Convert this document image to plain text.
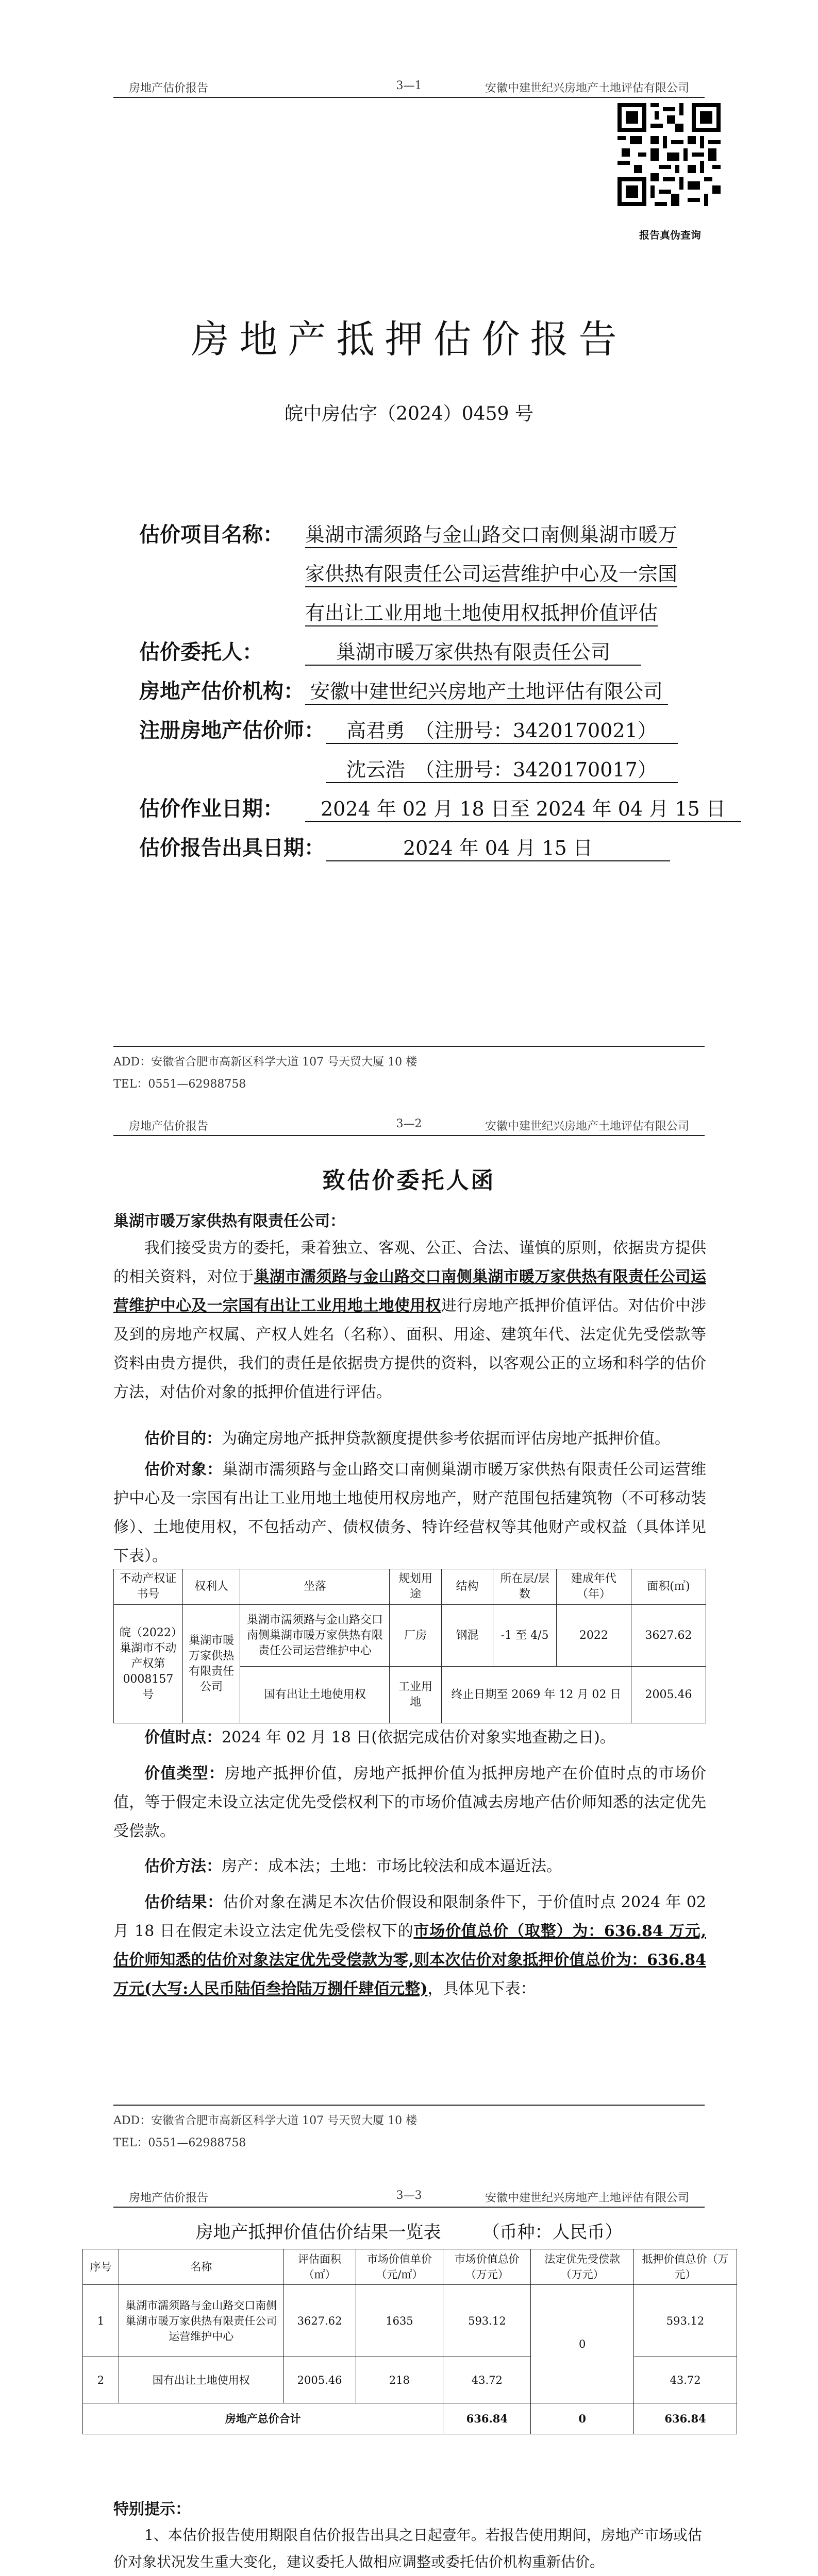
房地产估价报告	3—1	安徽中建世纪兴房地产土地评估有限公司
报告真伪查询
房地产抵押估价报告
皖中房估字（2024）0459 号
估价项目名称： 巢湖市濡须路与金山路交口南侧巢湖市暖万
家供热有限责任公司运营维护中心及一宗国
有出让工业用地土地使用权抵押价值评估
估价委托人：	巢湖市暖万家供热有限责任公司
房地产估价机构： 安徽中建世纪兴房地产土地评估有限公司
注册房地产估价师：	高君勇　（注册号：3420170021）
沈云浩　（注册号：3420170017）
估价作业日期：	2024 年 02 月 18 日至 2024 年 04 月 15 日
估价报告出具日期：	2024 年 04 月 15 日
ADD：安徽省合肥市高新区科学大道 107 号天贸大厦 10 楼
TEL：0551—62988758
房地产估价报告	3—2	安徽中建世纪兴房地产土地评估有限公司
致估价委托人函
巢湖市暖万家供热有限责任公司：
我们接受贵方的委托，秉着独立、客观、公正、合法、谨慎的原则，依据贵方提供的相关资料，对位于巢湖市濡须路与金山路交口南侧巢湖市暖万家供热有限责任公司运营维护中心及一宗国有出让工业用地土地使用权进行房地产抵押价值评估。对估价中涉及到的房地产权属、产权人姓名（名称）、面积、用途、建筑年代、法定优先受偿款等资料由贵方提供，我们的责任是依据贵方提供的资料，以客观公正的立场和科学的估价方法，对估价对象的抵押价值进行评估。
估价目的：为确定房地产抵押贷款额度提供参考依据而评估房地产抵押价值。
估价对象：巢湖市濡须路与金山路交口南侧巢湖市暖万家供热有限责任公司运营维护中心及一宗国有出让工业用地土地使用权房地产，财产范围包括建筑物（不可移动装修）、土地使用权，不包括动产、债权债务、特许经营权等其他财产或权益（具体详见下表）。
不动产权证书号	权利人	坐落	规划用途	结构	所在层/层数	建成年代（年）	面积(㎡)
皖（2022）巢湖市不动产权第0008157 号	巢湖市暖万家供热有限责任公司	巢湖市濡须路与金山路交口南侧巢湖市暖万家供热有限责任公司运营维护中心	厂房	钢混	-1 至 4/5	2022	3627.62
		国有出让土地使用权	工业用地	终止日期至 2069 年 12 月 02 日			2005.46
价值时点：2024 年 02 月 18 日(依据完成估价对象实地查勘之日)。
价值类型：房地产抵押价值，房地产抵押价值为抵押房地产在价值时点的市场价值，等于假定未设立法定优先受偿权利下的市场价值减去房地产估价师知悉的法定优先受偿款。
估价方法：房产：成本法；土地：市场比较法和成本逼近法。
估价结果：估价对象在满足本次估价假设和限制条件下，于价值时点 2024 年 02 月 18 日在假定未设立法定优先受偿权下的市场价值总价（取整）为：636.84 万元,估价师知悉的估价对象法定优先受偿款为零,则本次估价对象抵押价值总价为：636.84 万元(大写:人民币陆佰叁拾陆万捌仟肆佰元整)，具体见下表：
ADD：安徽省合肥市高新区科学大道 107 号天贸大厦 10 楼
TEL：0551—62988758
房地产估价报告	3—3	安徽中建世纪兴房地产土地评估有限公司
房地产抵押价值估价结果一览表 （币种：人民币）
序号	名称	评估面积（㎡）	市场价值单价（元/㎡）	市场价值总价（万元）	法定优先受偿款（万元）	抵押价值总价（万元）
1	巢湖市濡须路与金山路交口南侧巢湖市暖万家供热有限责任公司运营维护中心	3627.62	1635	593.12	0	593.12
2	国有出让土地使用权	2005.46	218	43.72		43.72
房地产总价合计				636.84	0	636.84
特别提示：
1、本估价报告使用期限自估价报告出具之日起壹年。若报告使用期间，房地产市场或估价对象状况发生重大变化，建议委托人做相应调整或委托估价机构重新估价。
